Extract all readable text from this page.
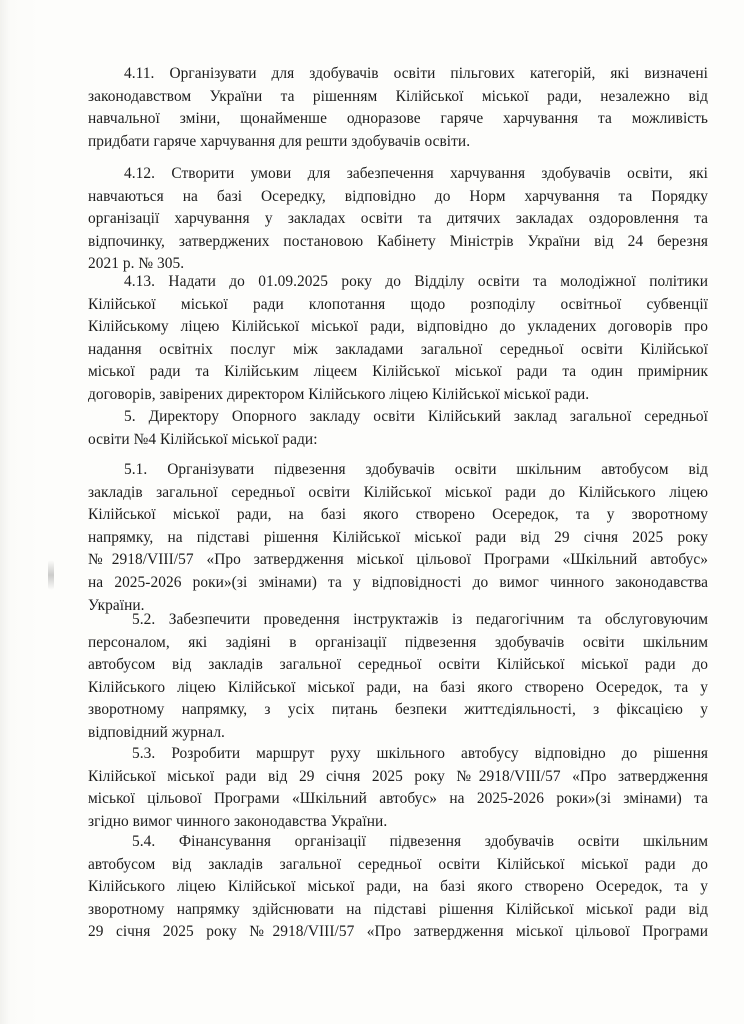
4.11. Організувати для здобувачів освіти пільгових категорій, які визначені
законодавством України та рішенням Кілійської міської ради, незалежно від
навчальної зміни, щонайменше одноразове гаряче харчування та можливість
придбати гаряче харчування для решти здобувачів освіти.
4.12. Створити умови для забезпечення харчування здобувачів освіти, які
навчаються на базі Осередку, відповідно до Норм харчування та Порядку
організації харчування у закладах освіти та дитячих закладах оздоровлення та
відпочинку, затверджених постановою Кабінету Міністрів України від 24 березня
2021 р. № 305.
4.13. Надати до 01.09.2025 року до Відділу освіти та молодіжної політики
Кілійської міської ради клопотання щодо розподілу освітньої субвенції
Кілійському ліцею Кілійської міської ради, відповідно до укладених договорів про
надання освітніх послуг між закладами загальної середньої освіти Кілійської
міської ради та Кілійським ліцеєм Кілійської міської ради та один примірник
договорів, завірених директором Кілійського ліцею Кілійської міської ради.
5. Директору Опорного закладу освіти Кілійський заклад загальної середньої
освіти №4 Кілійської міської ради:
5.1. Організувати підвезення здобувачів освіти шкільним автобусом від
закладів загальної середньої освіти Кілійської міської ради до Кілійського ліцею
Кілійської міської ради, на базі якого створено Осередок, та у зворотному
напрямку, на підставі рішення Кілійської міської ради від 29 січня 2025 року
№2918/VIII/57 «Про затвердження міської цільової Програми «Шкільний автобус»
на 2025-2026 роки»(зі змінами) та у відповідності до вимог чинного законодавства
України.
5.2. Забезпечити проведення інструктажів із педагогічним та обслуговуючим
персоналом, які задіяні в організації підвезення здобувачів освіти шкільним
автобусом від закладів загальної середньої освіти Кілійської міської ради до
Кілійського ліцею Кілійської міської ради, на базі якого створено Осередок, та у
зворотному напрямку, з усіх питань безпеки життєдіяльності, з фіксацією у
відповідний журнал.
5.3. Розробити маршрут руху шкільного автобусу відповідно до рішення
Кілійської міської ради від 29 січня 2025 року №2918/VIII/57 «Про затвердження
міської цільової Програми «Шкільний автобус» на 2025-2026 роки»(зі змінами) та
згідно вимог чинного законодавства України.
5.4. Фінансування організації підвезення здобувачів освіти шкільним
автобусом від закладів загальної середньої освіти Кілійської міської ради до
Кілійського ліцею Кілійської міської ради, на базі якого створено Осередок, та у
зворотному напрямку здійснювати на підставі рішення Кілійської міської ради від
29 січня 2025 року №2918/VIII/57 «Про затвердження міської цільової Програми
